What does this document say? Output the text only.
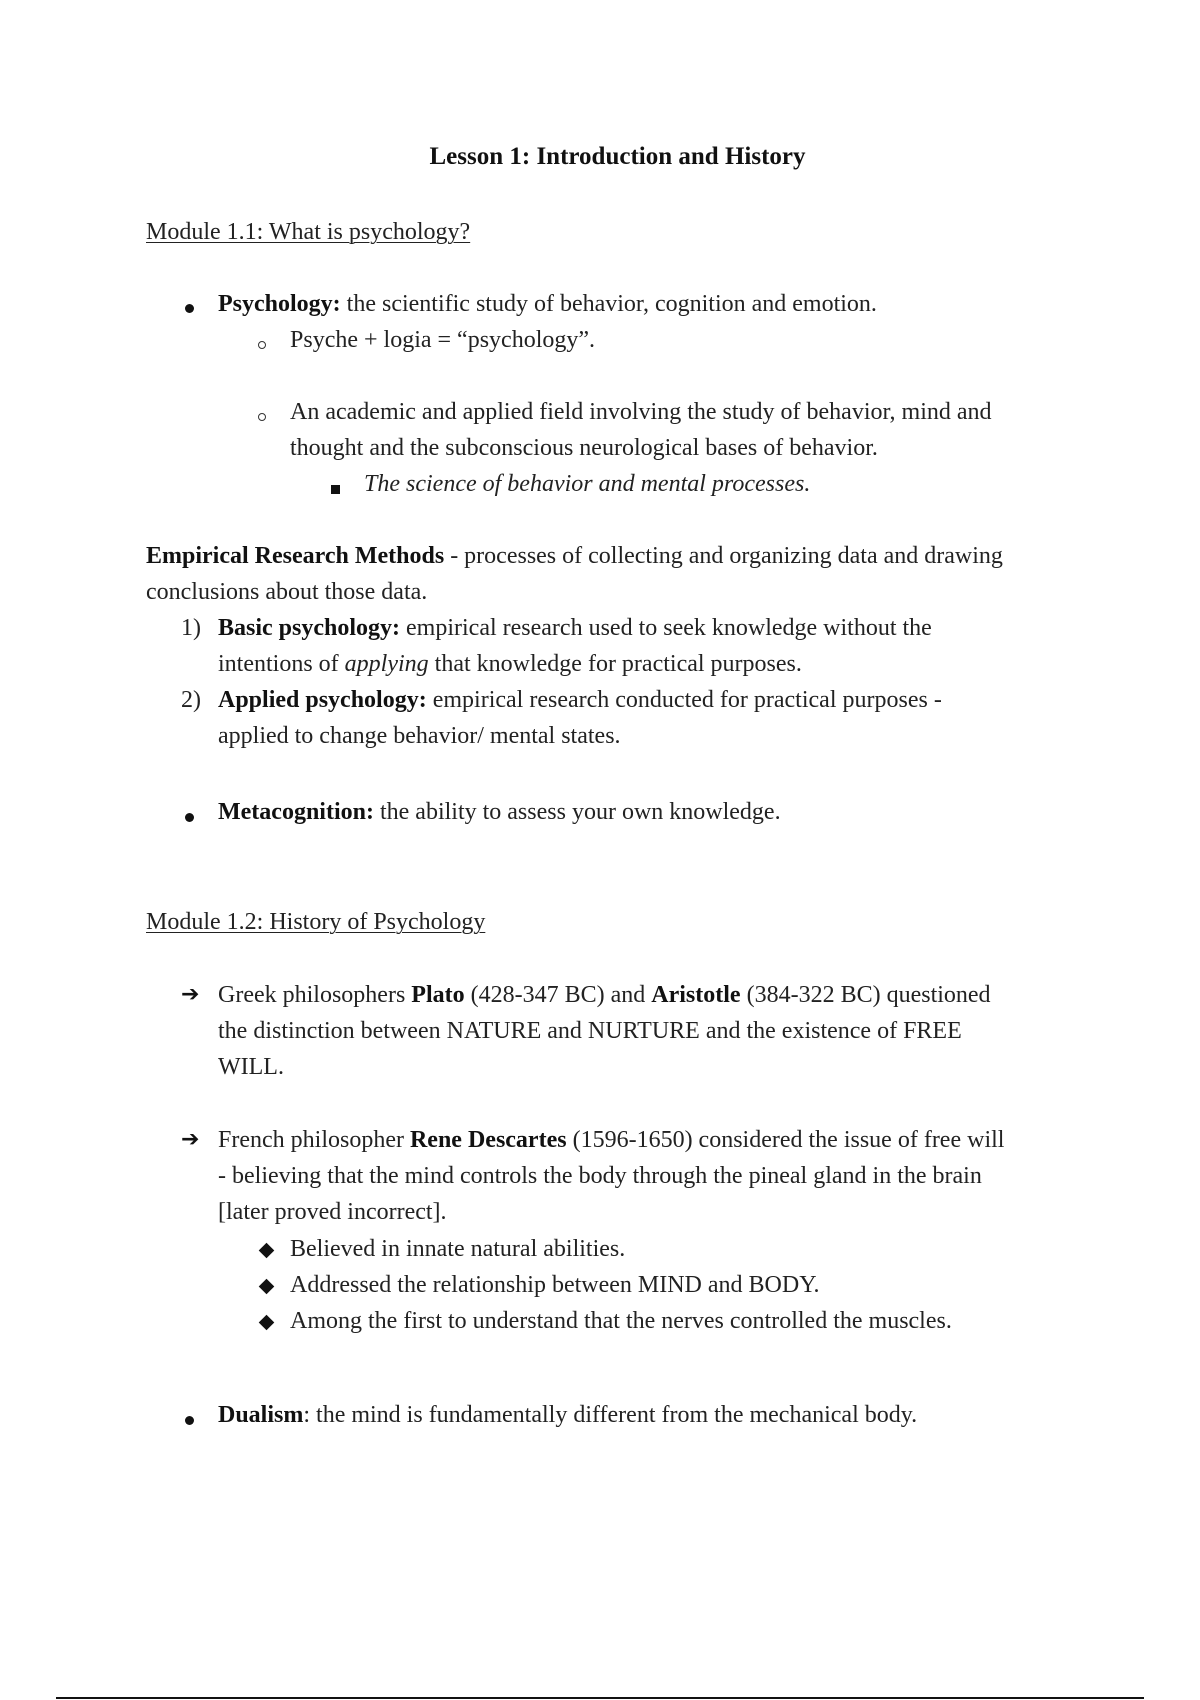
Lesson 1: Introduction and History
Module 1.1: What is psychology?
Psychology: the scientific study of behavior, cognition and emotion.
Psyche + logia = “psychology”.
An academic and applied field involving the study of behavior, mind and
thought and the subconscious neurological bases of behavior.
The science of behavior and mental processes.
Empirical Research Methods - processes of collecting and organizing data and drawing
conclusions about those data.
1) Basic psychology: empirical research used to seek knowledge without the
intentions of applying that knowledge for practical purposes.
2) Applied psychology: empirical research conducted for practical purposes -
applied to change behavior/ mental states.
Metacognition: the ability to assess your own knowledge.
Module 1.2: History of Psychology
➔ Greek philosophers Plato (428-347 BC) and Aristotle (384-322 BC) questioned
the distinction between NATURE and NURTURE and the existence of FREE
WILL.
➔ French philosopher Rene Descartes (1596-1650) considered the issue of free will
- believing that the mind controls the body through the pineal gland in the brain
[later proved incorrect].
Believed in innate natural abilities.
Addressed the relationship between MIND and BODY.
Among the first to understand that the nerves controlled the muscles.
Dualism: the mind is fundamentally different from the mechanical body.
